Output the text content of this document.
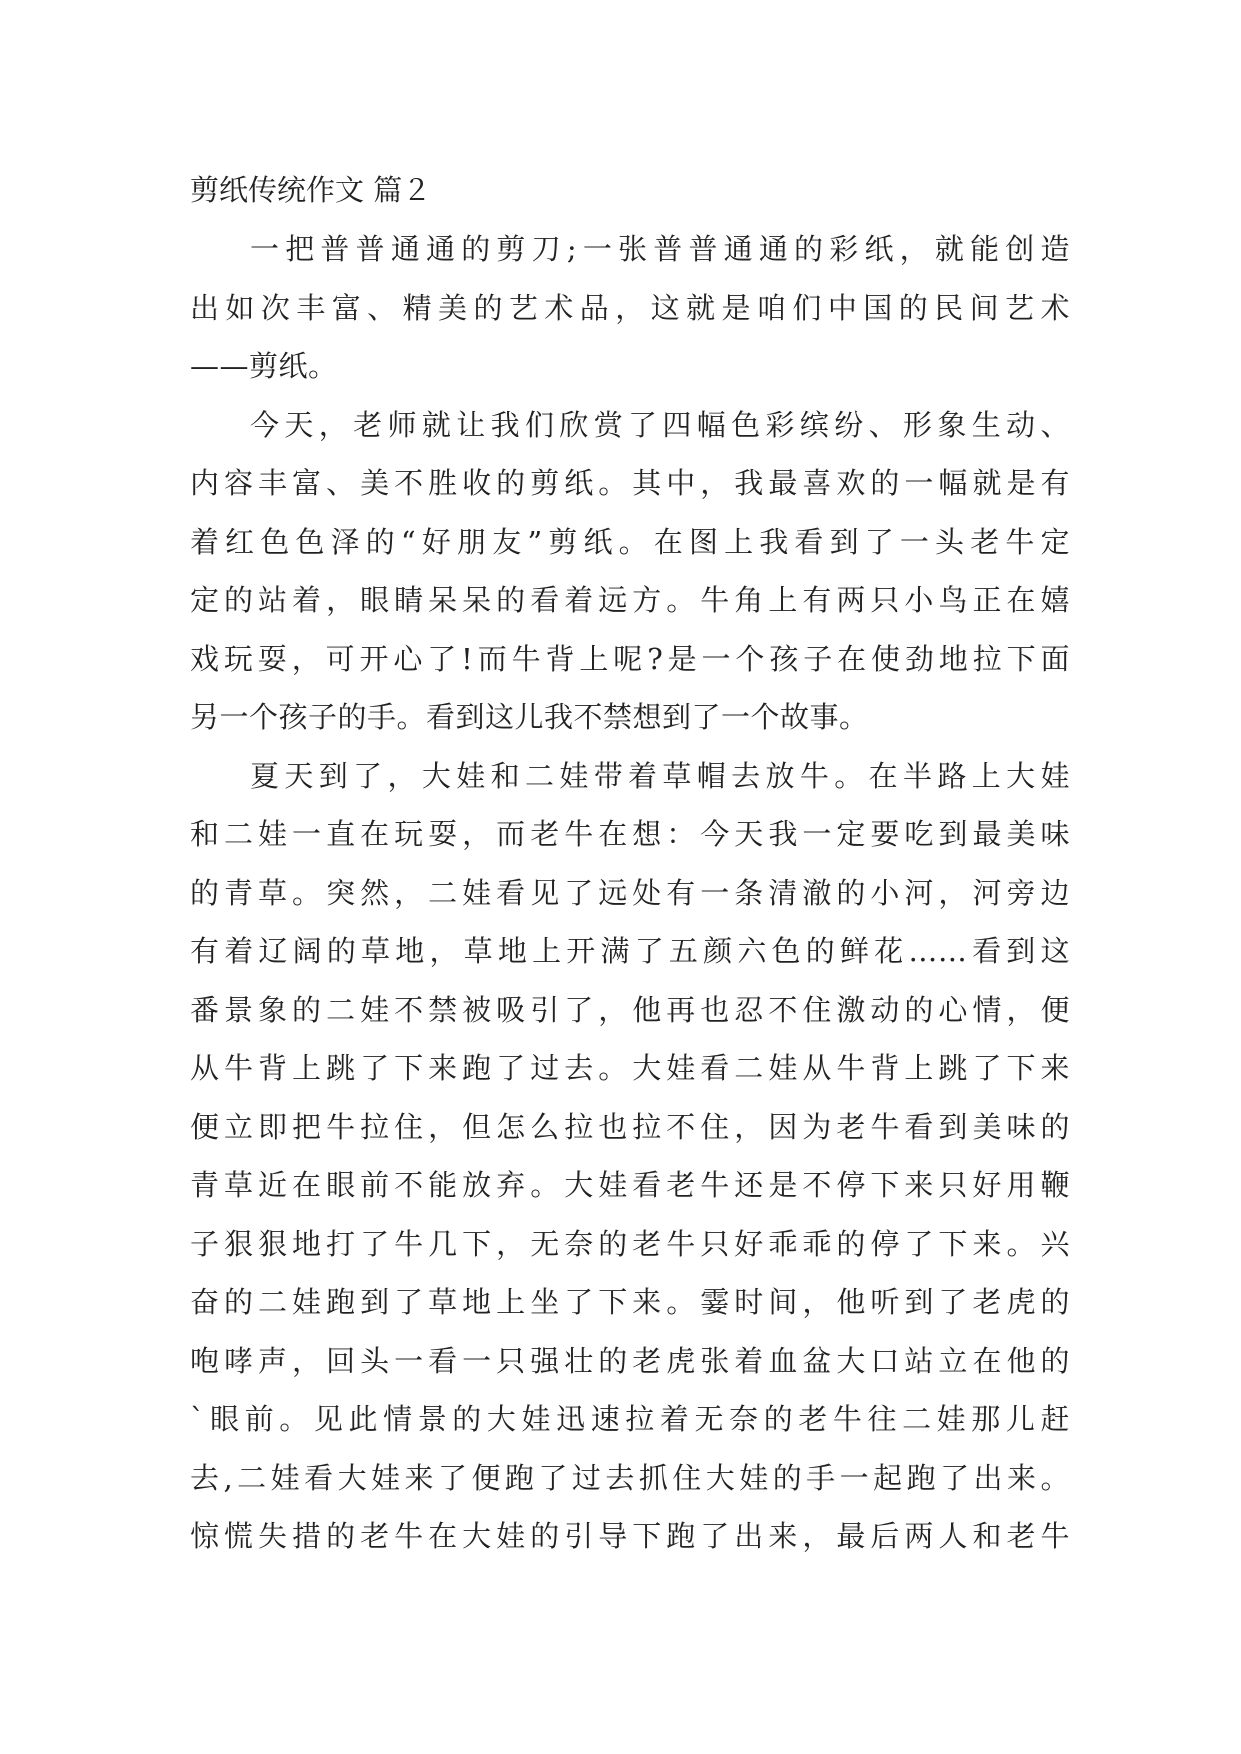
剪纸传统作文 篇２
一把普普通通的剪刀;一张普普通通的彩纸，就能创造
出如次丰富、精美的艺术品，这就是咱们中国的民间艺术
——剪纸。
今天，老师就让我们欣赏了四幅色彩缤纷、形象生动、
内容丰富、美不胜收的剪纸。其中，我最喜欢的一幅就是有
着红色色泽的“好朋友”剪纸。在图上我看到了一头老牛定
定的站着，眼睛呆呆的看着远方。牛角上有两只小鸟正在嬉
戏玩耍，可开心了!而牛背上呢?是一个孩子在使劲地拉下面
另一个孩子的手。看到这儿我不禁想到了一个故事。
夏天到了，大娃和二娃带着草帽去放牛。在半路上大娃
和二娃一直在玩耍，而老牛在想：今天我一定要吃到最美味
的青草。突然，二娃看见了远处有一条清澈的小河，河旁边
有着辽阔的草地，草地上开满了五颜六色的鲜花……看到这
番景象的二娃不禁被吸引了，他再也忍不住激动的心情，便
从牛背上跳了下来跑了过去。大娃看二娃从牛背上跳了下来
便立即把牛拉住，但怎么拉也拉不住，因为老牛看到美味的
青草近在眼前不能放弃。大娃看老牛还是不停下来只好用鞭
子狠狠地打了牛几下，无奈的老牛只好乖乖的停了下来。兴
奋的二娃跑到了草地上坐了下来。霎时间，他听到了老虎的
咆哮声，回头一看一只强壮的老虎张着血盆大口站立在他的
`眼前。见此情景的大娃迅速拉着无奈的老牛往二娃那儿赶
去,二娃看大娃来了便跑了过去抓住大娃的手一起跑了出来。
惊慌失措的老牛在大娃的引导下跑了出来，最后两人和老牛
